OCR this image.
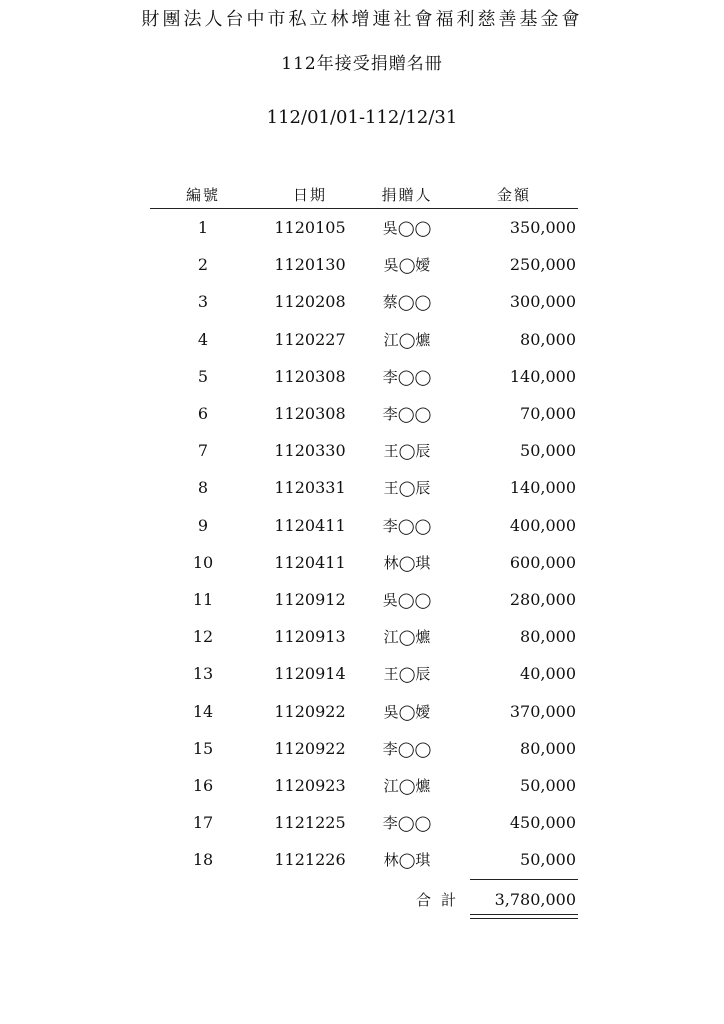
財團法人台中市私立林增連社會福利慈善基金會
112年接受捐贈名冊
112/01/01-112/12/31
編號	日期	捐贈人	金額
1	1120105	吳◯◯	350,000
2	1120130	吳◯嬡	250,000
3	1120208	蔡◯◯	300,000
4	1120227	江◯爊	80,000
5	1120308	李◯◯	140,000
6	1120308	李◯◯	70,000
7	1120330	王◯辰	50,000
8	1120331	王◯辰	140,000
9	1120411	李◯◯	400,000
10	1120411	林◯琪	600,000
11	1120912	吳◯◯	280,000
12	1120913	江◯爊	80,000
13	1120914	王◯辰	40,000
14	1120922	吳◯嬡	370,000
15	1120922	李◯◯	80,000
16	1120923	江◯爊	50,000
17	1121225	李◯◯	450,000
18	1121226	林◯琪	50,000
合計	3,780,000
